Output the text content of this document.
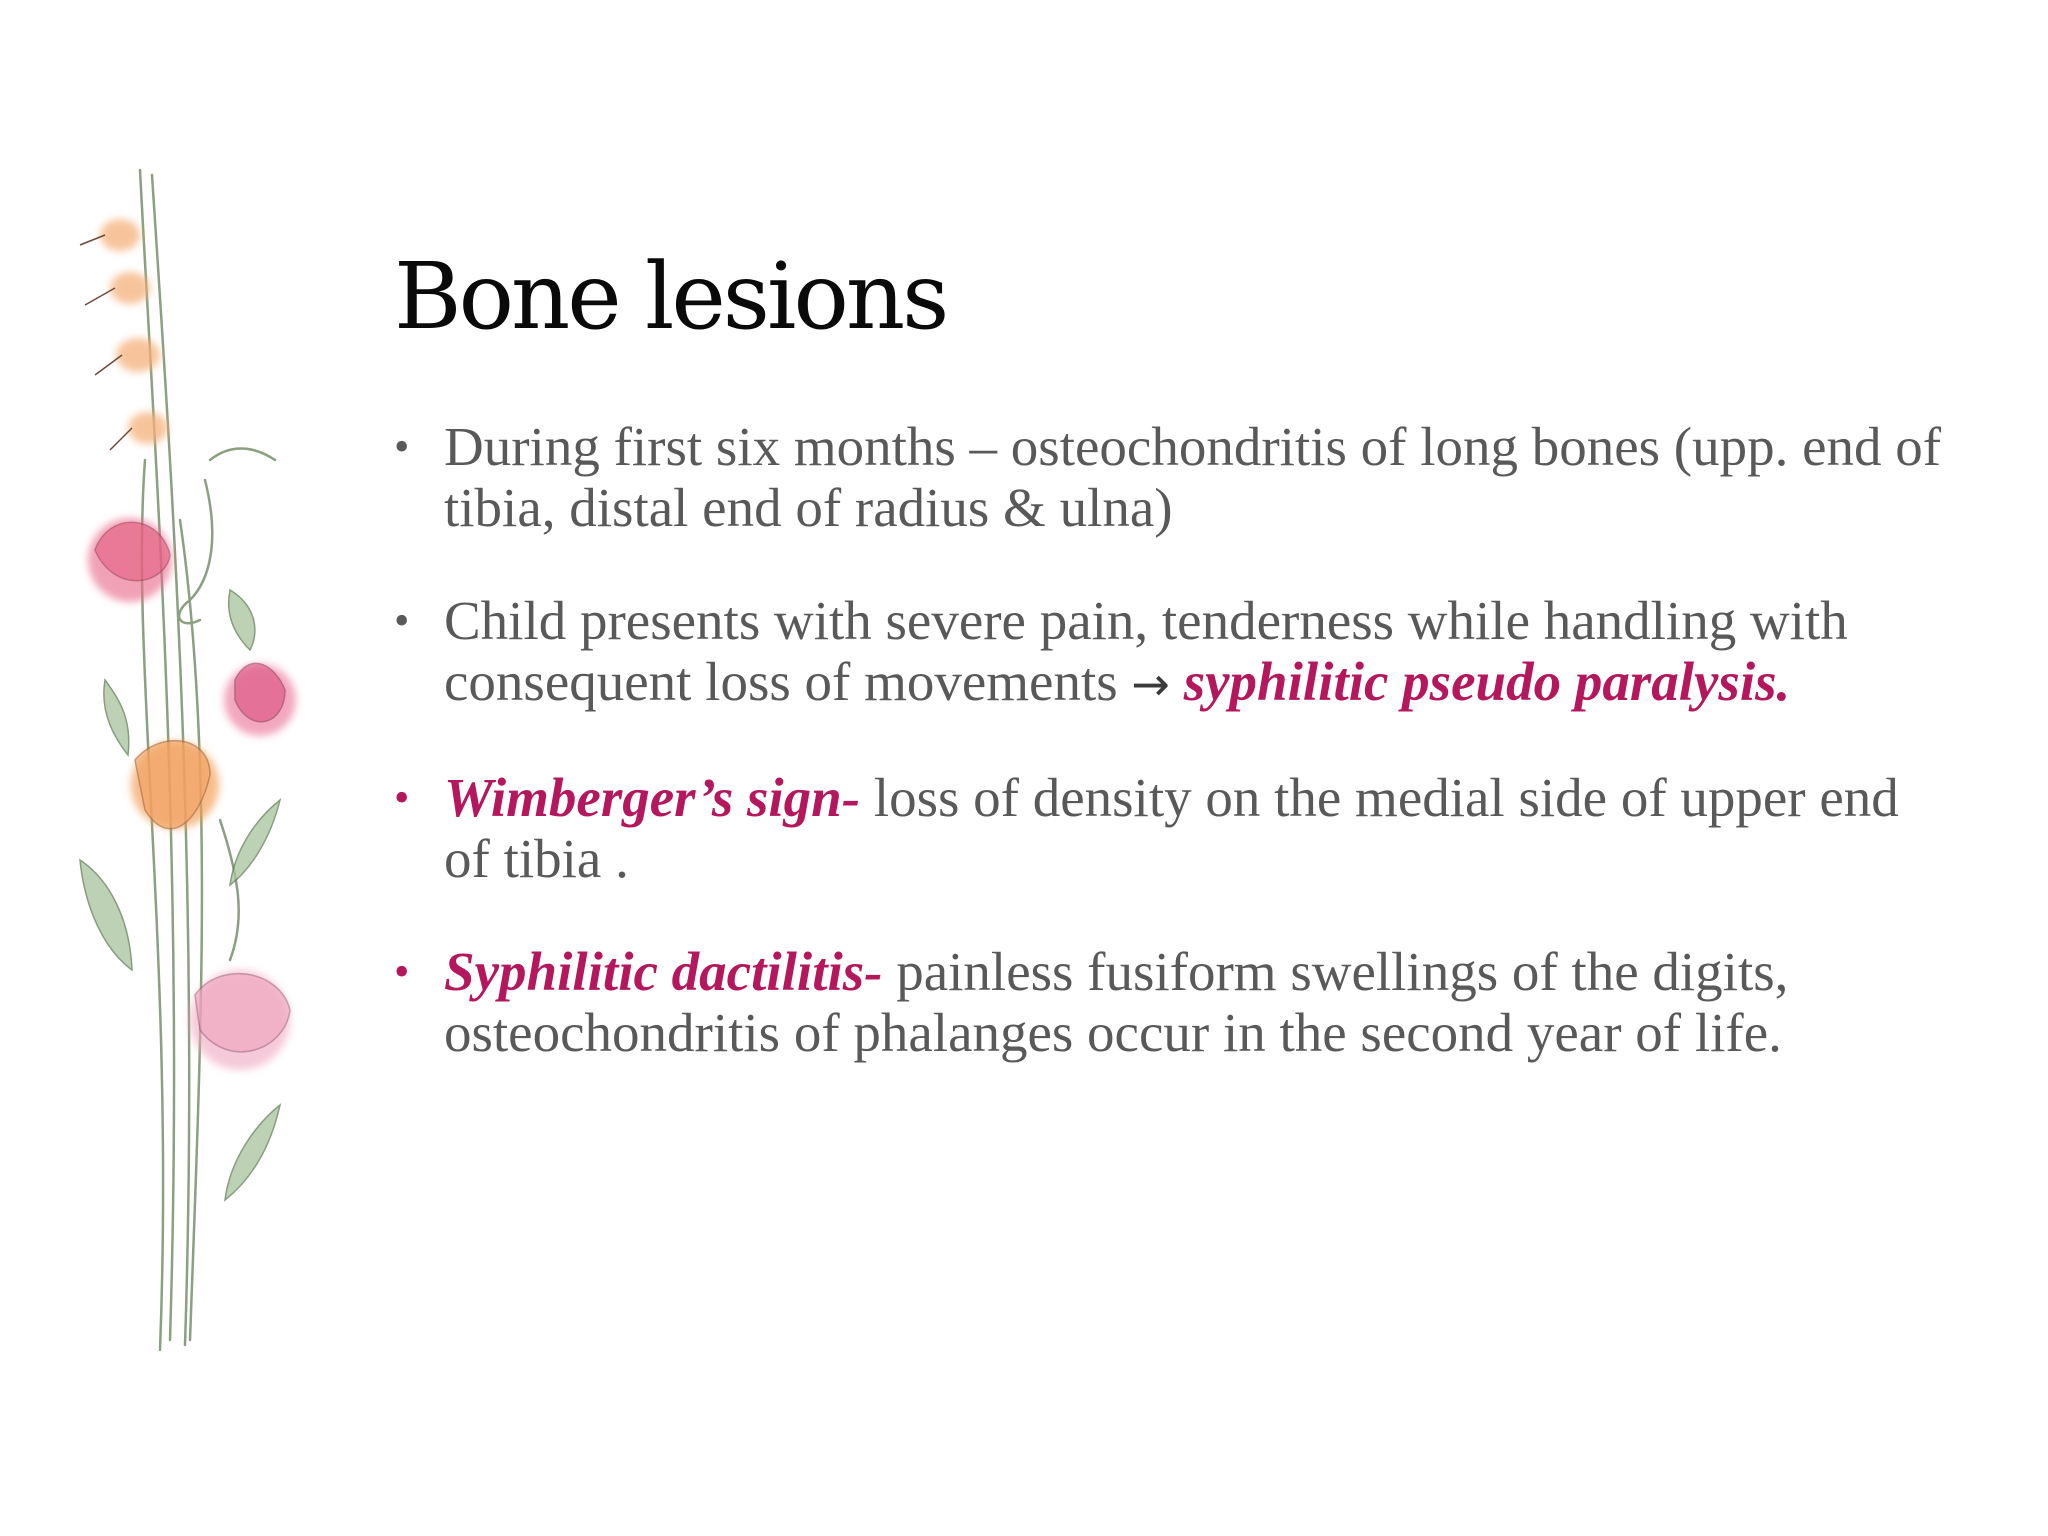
Bone lesions
• During first six months – osteochondritis of long bones (upp. end of tibia, distal end of radius & ulna)
• Child presents with severe pain, tenderness while handling with consequent loss of movements → syphilitic pseudo paralysis.
• Wimberger’s sign- loss of density on the medial side of upper end of tibia .
• Syphilitic dactilitis- painless fusiform swellings of the digits, osteochondritis of phalanges occur in the second year of life.
